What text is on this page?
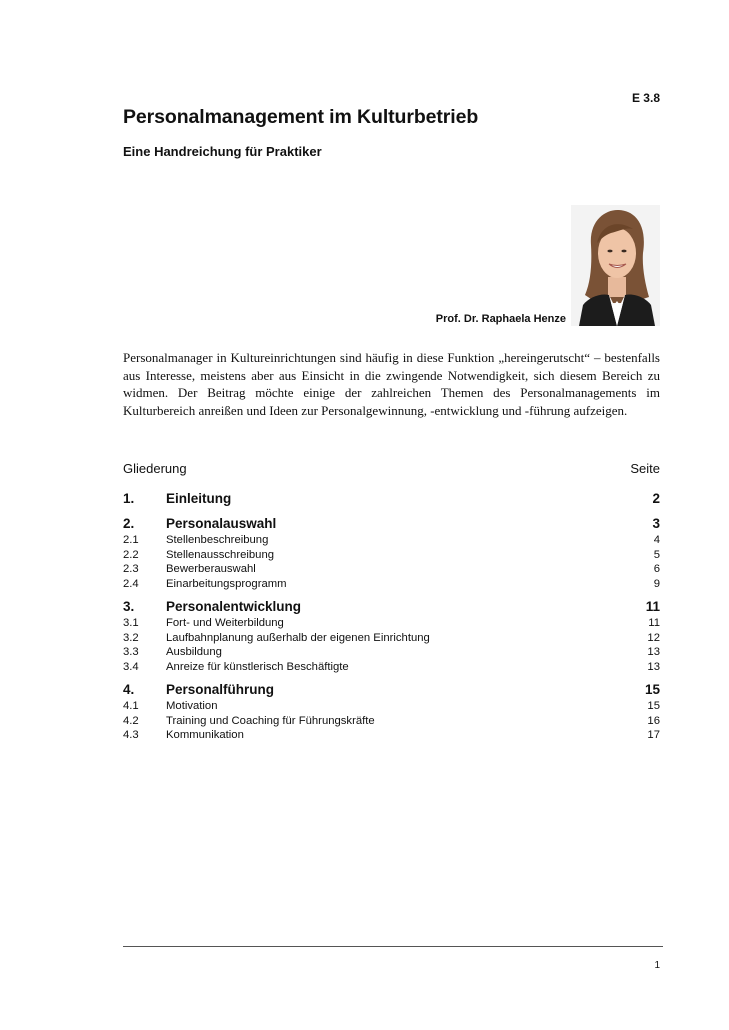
E 3.8
Personalmanagement im Kulturbetrieb
Eine Handreichung für Praktiker
Prof. Dr. Raphaela Henze

Personalmanager in Kultureinrichtungen sind häufig in diese Funktion „hereingerutscht“ – bestenfalls aus Interesse, meistens aber aus Einsicht in die zwingende Notwendigkeit, sich diesem Bereich zu widmen. Der Beitrag möchte einige der zahlreichen Themen des Personalmanagements im Kulturbereich anreißen und Ideen zur Personalgewinnung, -entwicklung und -führung aufzeigen.

Gliederung	Seite
1. Einleitung	2
2. Personalauswahl	3
2.1 Stellenbeschreibung	4
2.2 Stellenausschreibung	5
2.3 Bewerberauswahl	6
2.4 Einarbeitungsprogramm	9
3. Personalentwicklung	11
3.1 Fort- und Weiterbildung	11
3.2 Laufbahnplanung außerhalb der eigenen Einrichtung	12
3.3 Ausbildung	13
3.4 Anreize für künstlerisch Beschäftigte	13
4. Personalführung	15
4.1 Motivation	15
4.2 Training und Coaching für Führungskräfte	16
4.3 Kommunikation	17
1
